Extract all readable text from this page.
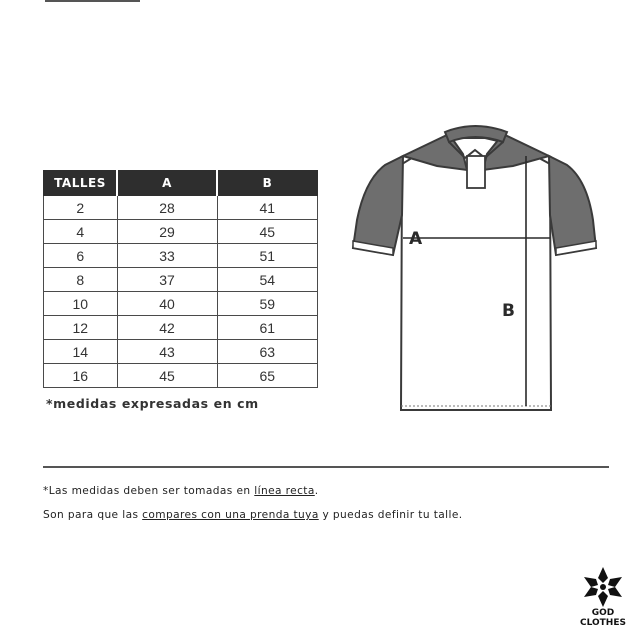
TALLES	A	B
2	28	41
4	29	45
6	33	51
8	37	54
10	40	59
12	42	61
14	43	63
16	45	65
*medidas expresadas en cm
A
B
*Las medidas deben ser tomadas en línea recta.
Son para que las compares con una prenda tuya y puedas definir tu talle.
GOD
CLOTHES
